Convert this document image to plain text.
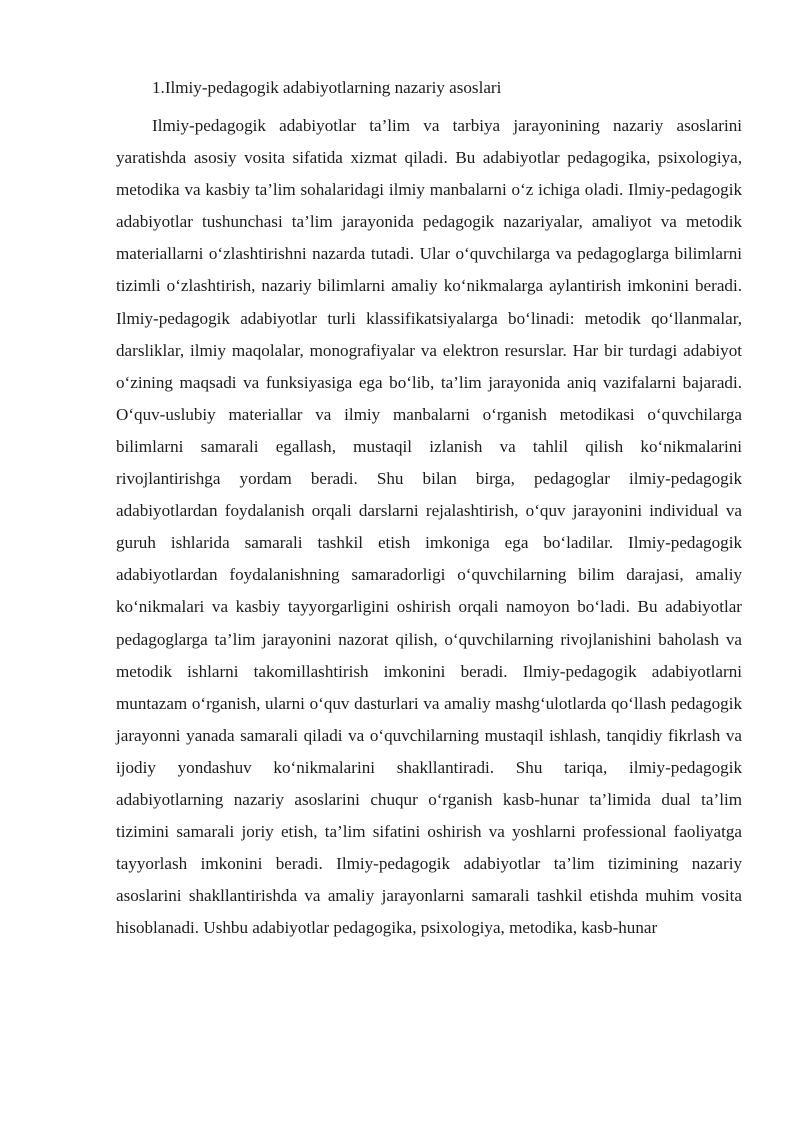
1.Ilmiy-pedagogik adabiyotlarning nazariy asoslari

Ilmiy-pedagogik adabiyotlar ta’lim va tarbiya jarayonining nazariy asoslarini yaratishda asosiy vosita sifatida xizmat qiladi. Bu adabiyotlar pedagogika, psixologiya, metodika va kasbiy ta’lim sohalaridagi ilmiy manbalarni o‘z ichiga oladi. Ilmiy-pedagogik adabiyotlar tushunchasi ta’lim jarayonida pedagogik nazariyalar, amaliyot va metodik materiallarni o‘zlashtirishni nazarda tutadi. Ular o‘quvchilarga va pedagoglarga bilimlarni tizimli o‘zlashtirish, nazariy bilimlarni amaliy ko‘nikmalarga aylantirish imkonini beradi. Ilmiy-pedagogik adabiyotlar turli klassifikatsiyalarga bo‘linadi: metodik qo‘llanmalar, darsliklar, ilmiy maqolalar, monografiyalar va elektron resurslar. Har bir turdagi adabiyot o‘zining maqsadi va funksiyasiga ega bo‘lib, ta’lim jarayonida aniq vazifalarni bajaradi. O‘quv-uslubiy materiallar va ilmiy manbalarni o‘rganish metodikasi o‘quvchilarga bilimlarni samarali egallash, mustaqil izlanish va tahlil qilish ko‘nikmalarini rivojlantirishga yordam beradi. Shu bilan birga, pedagoglar ilmiy-pedagogik adabiyotlardan foydalanish orqali darslarni rejalashtirish, o‘quv jarayonini individual va guruh ishlarida samarali tashkil etish imkoniga ega bo‘ladilar. Ilmiy-pedagogik adabiyotlardan foydalanishning samaradorligi o‘quvchilarning bilim darajasi, amaliy ko‘nikmalari va kasbiy tayyorgarligini oshirish orqali namoyon bo‘ladi. Bu adabiyotlar pedagoglarga ta’lim jarayonini nazorat qilish, o‘quvchilarning rivojlanishini baholash va metodik ishlarni takomillashtirish imkonini beradi. Ilmiy-pedagogik adabiyotlarni muntazam o‘rganish, ularni o‘quv dasturlari va amaliy mashg‘ulotlarda qo‘llash pedagogik jarayonni yanada samarali qiladi va o‘quvchilarning mustaqil ishlash, tanqidiy fikrlash va ijodiy yondashuv ko‘nikmalarini shakllantiradi. Shu tariqa, ilmiy-pedagogik adabiyotlarning nazariy asoslarini chuqur o‘rganish kasb-hunar ta’limida dual ta’lim tizimini samarali joriy etish, ta’lim sifatini oshirish va yoshlarni professional faoliyatga tayyorlash imkonini beradi. Ilmiy-pedagogik adabiyotlar ta’lim tizimining nazariy asoslarini shakllantirishda va amaliy jarayonlarni samarali tashkil etishda muhim vosita hisoblanadi. Ushbu adabiyotlar pedagogika, psixologiya, metodika, kasb-hunar
